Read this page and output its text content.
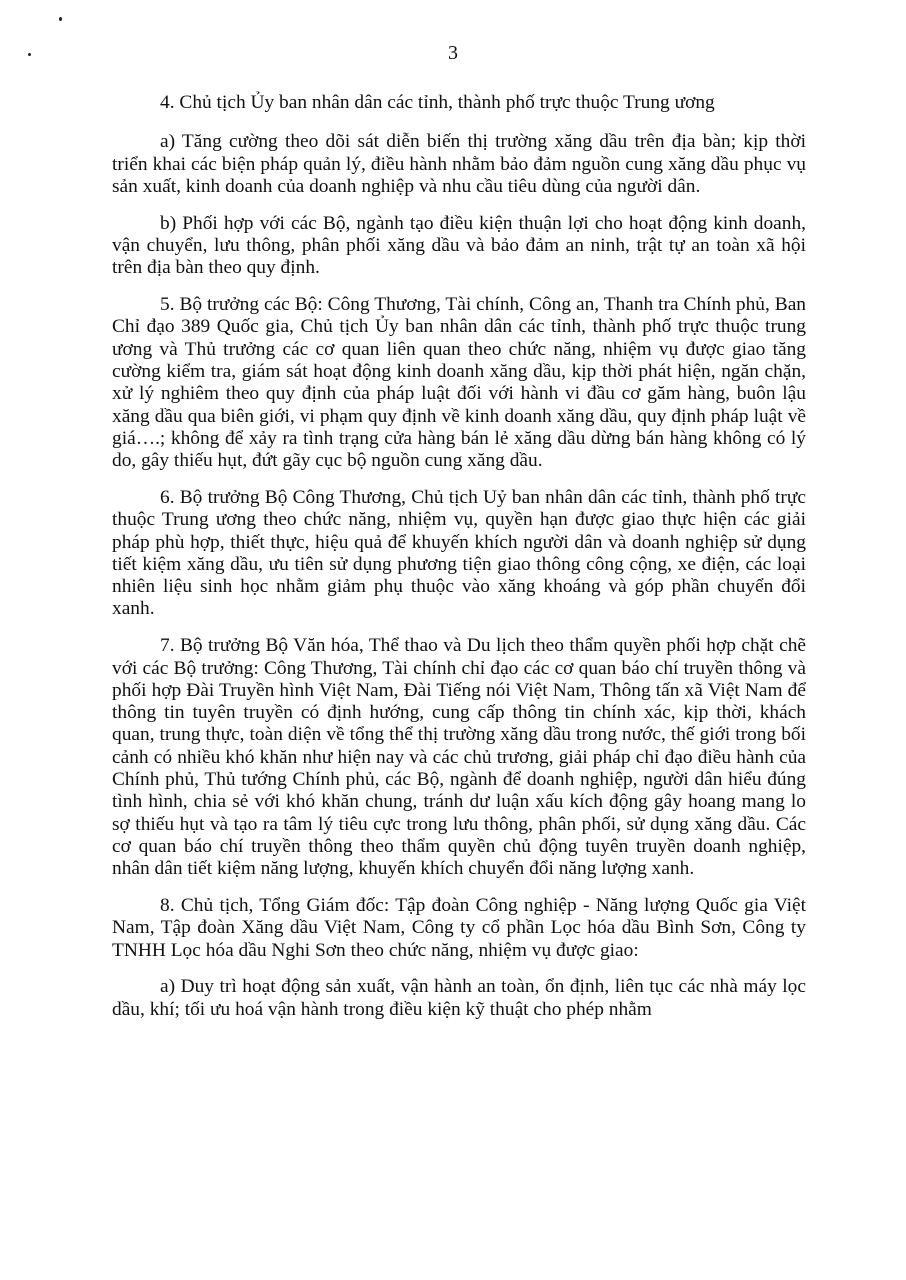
3

4. Chủ tịch Ủy ban nhân dân các tỉnh, thành phố trực thuộc Trung ương

a) Tăng cường theo dõi sát diễn biến thị trường xăng dầu trên địa bàn; kịp thời triển khai các biện pháp quản lý, điều hành nhằm bảo đảm nguồn cung xăng dầu phục vụ sản xuất, kinh doanh của doanh nghiệp và nhu cầu tiêu dùng của người dân.

b) Phối hợp với các Bộ, ngành tạo điều kiện thuận lợi cho hoạt động kinh doanh, vận chuyển, lưu thông, phân phối xăng dầu và bảo đảm an ninh, trật tự an toàn xã hội trên địa bàn theo quy định.

5. Bộ trưởng các Bộ: Công Thương, Tài chính, Công an, Thanh tra Chính phủ, Ban Chỉ đạo 389 Quốc gia, Chủ tịch Ủy ban nhân dân các tỉnh, thành phố trực thuộc trung ương và Thủ trưởng các cơ quan liên quan theo chức năng, nhiệm vụ được giao tăng cường kiểm tra, giám sát hoạt động kinh doanh xăng dầu, kịp thời phát hiện, ngăn chặn, xử lý nghiêm theo quy định của pháp luật đối với hành vi đầu cơ găm hàng, buôn lậu xăng dầu qua biên giới, vi phạm quy định về kinh doanh xăng dầu, quy định pháp luật về giá….; không để xảy ra tình trạng cửa hàng bán lẻ xăng dầu dừng bán hàng không có lý do, gây thiếu hụt, đứt gãy cục bộ nguồn cung xăng dầu.

6. Bộ trưởng Bộ Công Thương, Chủ tịch Uỷ ban nhân dân các tỉnh, thành phố trực thuộc Trung ương theo chức năng, nhiệm vụ, quyền hạn được giao thực hiện các giải pháp phù hợp, thiết thực, hiệu quả để khuyến khích người dân và doanh nghiệp sử dụng tiết kiệm xăng dầu, ưu tiên sử dụng phương tiện giao thông công cộng, xe điện, các loại nhiên liệu sinh học nhằm giảm phụ thuộc vào xăng khoáng và góp phần chuyển đổi xanh.

7. Bộ trưởng Bộ Văn hóa, Thể thao và Du lịch theo thẩm quyền phối hợp chặt chẽ với các Bộ trưởng: Công Thương, Tài chính chỉ đạo các cơ quan báo chí truyền thông và phối hợp Đài Truyền hình Việt Nam, Đài Tiếng nói Việt Nam, Thông tấn xã Việt Nam để thông tin tuyên truyền có định hướng, cung cấp thông tin chính xác, kịp thời, khách quan, trung thực, toàn diện về tổng thể thị trường xăng dầu trong nước, thế giới trong bối cảnh có nhiều khó khăn như hiện nay và các chủ trương, giải pháp chỉ đạo điều hành của Chính phủ, Thủ tướng Chính phủ, các Bộ, ngành để doanh nghiệp, người dân hiểu đúng tình hình, chia sẻ với khó khăn chung, tránh dư luận xấu kích động gây hoang mang lo sợ thiếu hụt và tạo ra tâm lý tiêu cực trong lưu thông, phân phối, sử dụng xăng dầu. Các cơ quan báo chí truyền thông theo thẩm quyền chủ động tuyên truyền doanh nghiệp, nhân dân tiết kiệm năng lượng, khuyến khích chuyển đổi năng lượng xanh.

8. Chủ tịch, Tổng Giám đốc: Tập đoàn Công nghiệp - Năng lượng Quốc gia Việt Nam, Tập đoàn Xăng dầu Việt Nam, Công ty cổ phần Lọc hóa dầu Bình Sơn, Công ty TNHH Lọc hóa dầu Nghi Sơn theo chức năng, nhiệm vụ được giao:

a) Duy trì hoạt động sản xuất, vận hành an toàn, ổn định, liên tục các nhà máy lọc dầu, khí; tối ưu hoá vận hành trong điều kiện kỹ thuật cho phép nhằm
